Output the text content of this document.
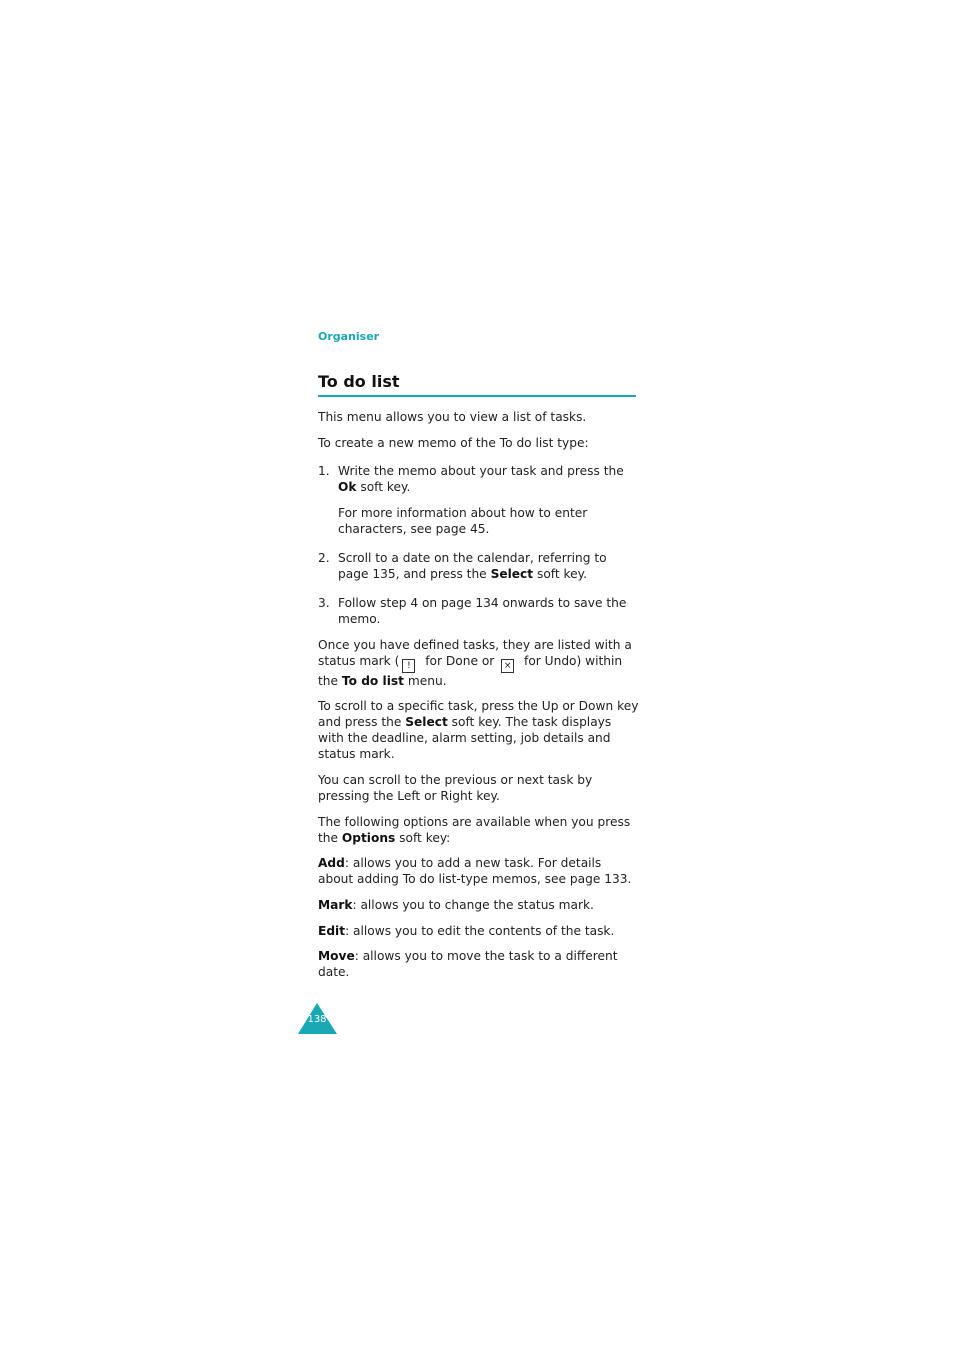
Organiser
To do list

This menu allows you to view a list of tasks.

To create a new memo of the To do list type:

1. Write the memo about your task and press the Ok soft key.

For more information about how to enter characters, see page 45.

2. Scroll to a date on the calendar, referring to page 135, and press the Select soft key.
3. Follow step 4 on page 134 onwards to save the memo.

Once you have defined tasks, they are listed with a status mark ( ! for Done or × for Undo) within the To do list menu.

To scroll to a specific task, press the Up or Down key and press the Select soft key. The task displays with the deadline, alarm setting, job details and status mark.

You can scroll to the previous or next task by pressing the Left or Right key.

The following options are available when you press the Options soft key:

Add: allows you to add a new task. For details about adding To do list-type memos, see page 133.

Mark: allows you to change the status mark.

Edit: allows you to edit the contents of the task.

Move: allows you to move the task to a different date.

138
